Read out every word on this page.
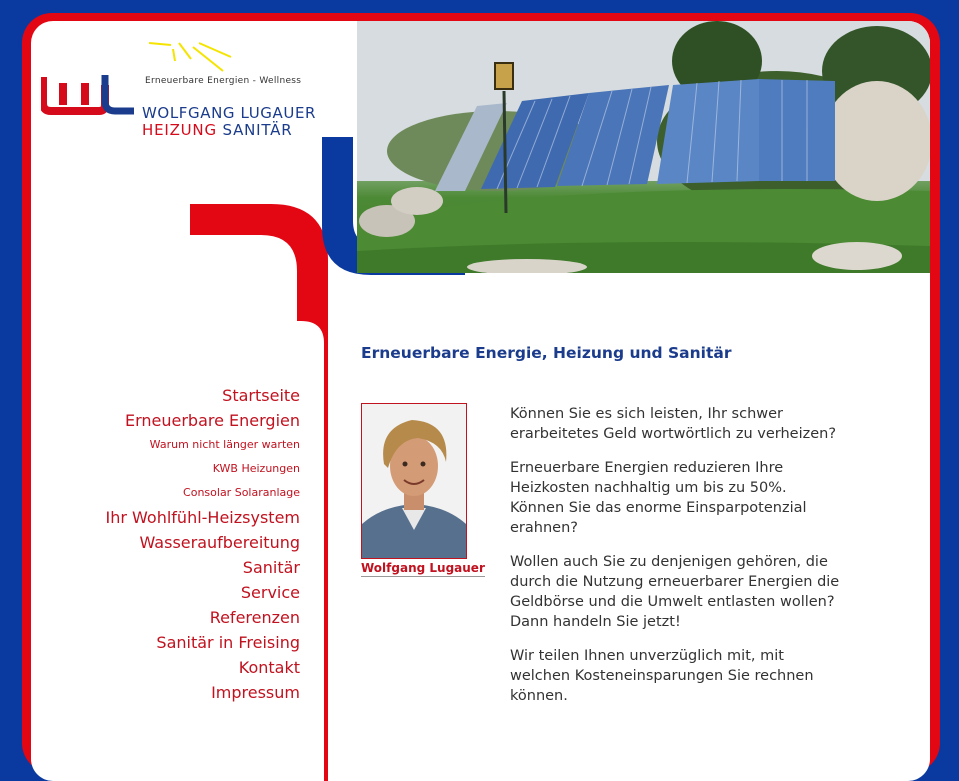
Erneuerbare Energien - Wellness
WOLFGANG LUGAUER
HEIZUNG SANITÄR
Startseite
Erneuerbare Energien
Warum nicht länger warten
KWB Heizungen
Consolar Solaranlage
Ihr Wohlfühl-Heizsystem
Wasseraufbereitung
Sanitär
Service
Referenzen
Sanitär in Freising
Kontakt
Impressum
Erneuerbare Energie, Heizung und Sanitär
Wolfgang Lugauer

Können Sie es sich leisten, Ihr schwer erarbeitetes Geld wortwörtlich zu verheizen?

Erneuerbare Energien reduzieren Ihre Heizkosten nachhaltig um bis zu 50%. Können Sie das enorme Einsparpotenzial erahnen?

Wollen auch Sie zu denjenigen gehören, die durch die Nutzung erneuerbarer Energien die Geldbörse und die Umwelt entlasten wollen? Dann handeln Sie jetzt!

Wir teilen Ihnen unverzüglich mit, mit welchen Kosteneinsparungen Sie rechnen können.
